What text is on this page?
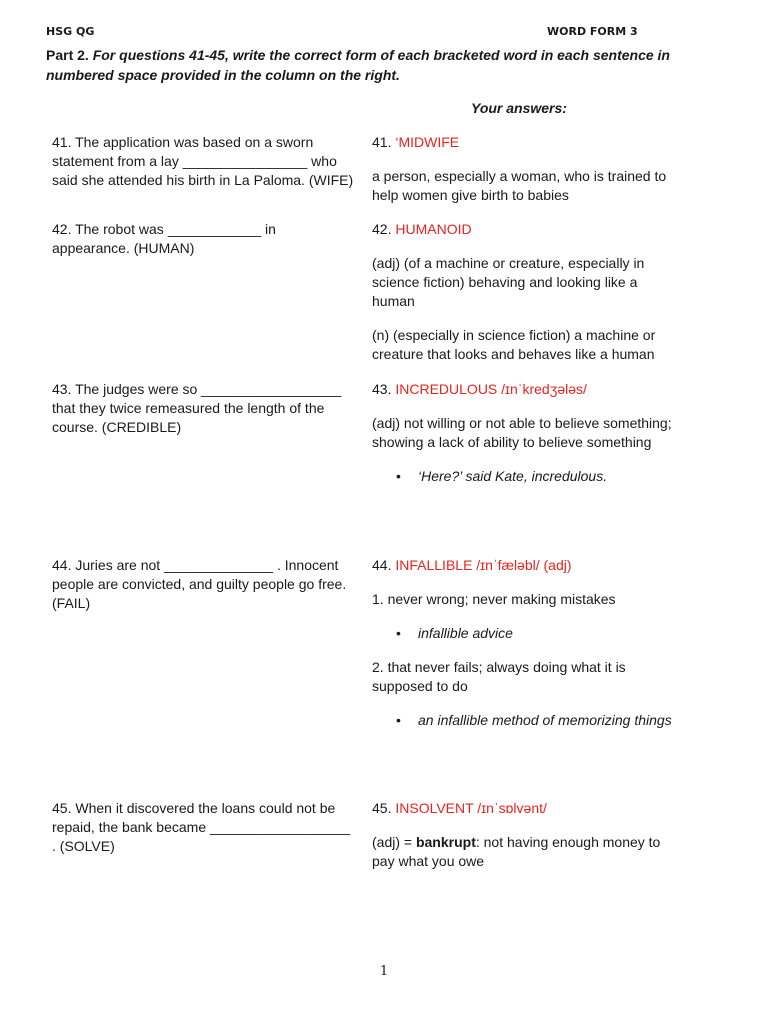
HSG QG	WORD FORM 3
Part 2. For questions 41-45, write the correct form of each bracketed word in each sentence in numbered space provided in the column on the right.
Your answers:
41. The application was based on a sworn statement from a lay ________________ who said she attended his birth in La Paloma. (WIFE)

41. ‘MIDWIFE

a person, especially a woman, who is trained to help women give birth to babies

42. The robot was ____________ in appearance. (HUMAN)

42. HUMANOID

(adj) (of a machine or creature, especially in science fiction) behaving and looking like a human

(n) (especially in science fiction) a machine or creature that looks and behaves like a human

43. The judges were so __________________ that they twice remeasured the length of the course. (CREDIBLE)

43. INCREDULOUS /ɪnˈkredʒələs/

(adj) not willing or not able to believe something; showing a lack of ability to believe something

• ‘Here?’ said Kate, incredulous.
44. Juries are not ______________ . Innocent people are convicted, and guilty people go free. (FAIL)

44. INFALLIBLE /ɪnˈfæləbl/ (adj)

1. never wrong; never making mistakes

• infallible advice

2. that never fails; always doing what it is supposed to do

• an infallible method of memorizing things
45. When it discovered the loans could not be repaid, the bank became __________________ . (SOLVE)

45. INSOLVENT /ɪnˈsɒlvənt/

(adj) = bankrupt: not having enough money to pay what you owe

1
